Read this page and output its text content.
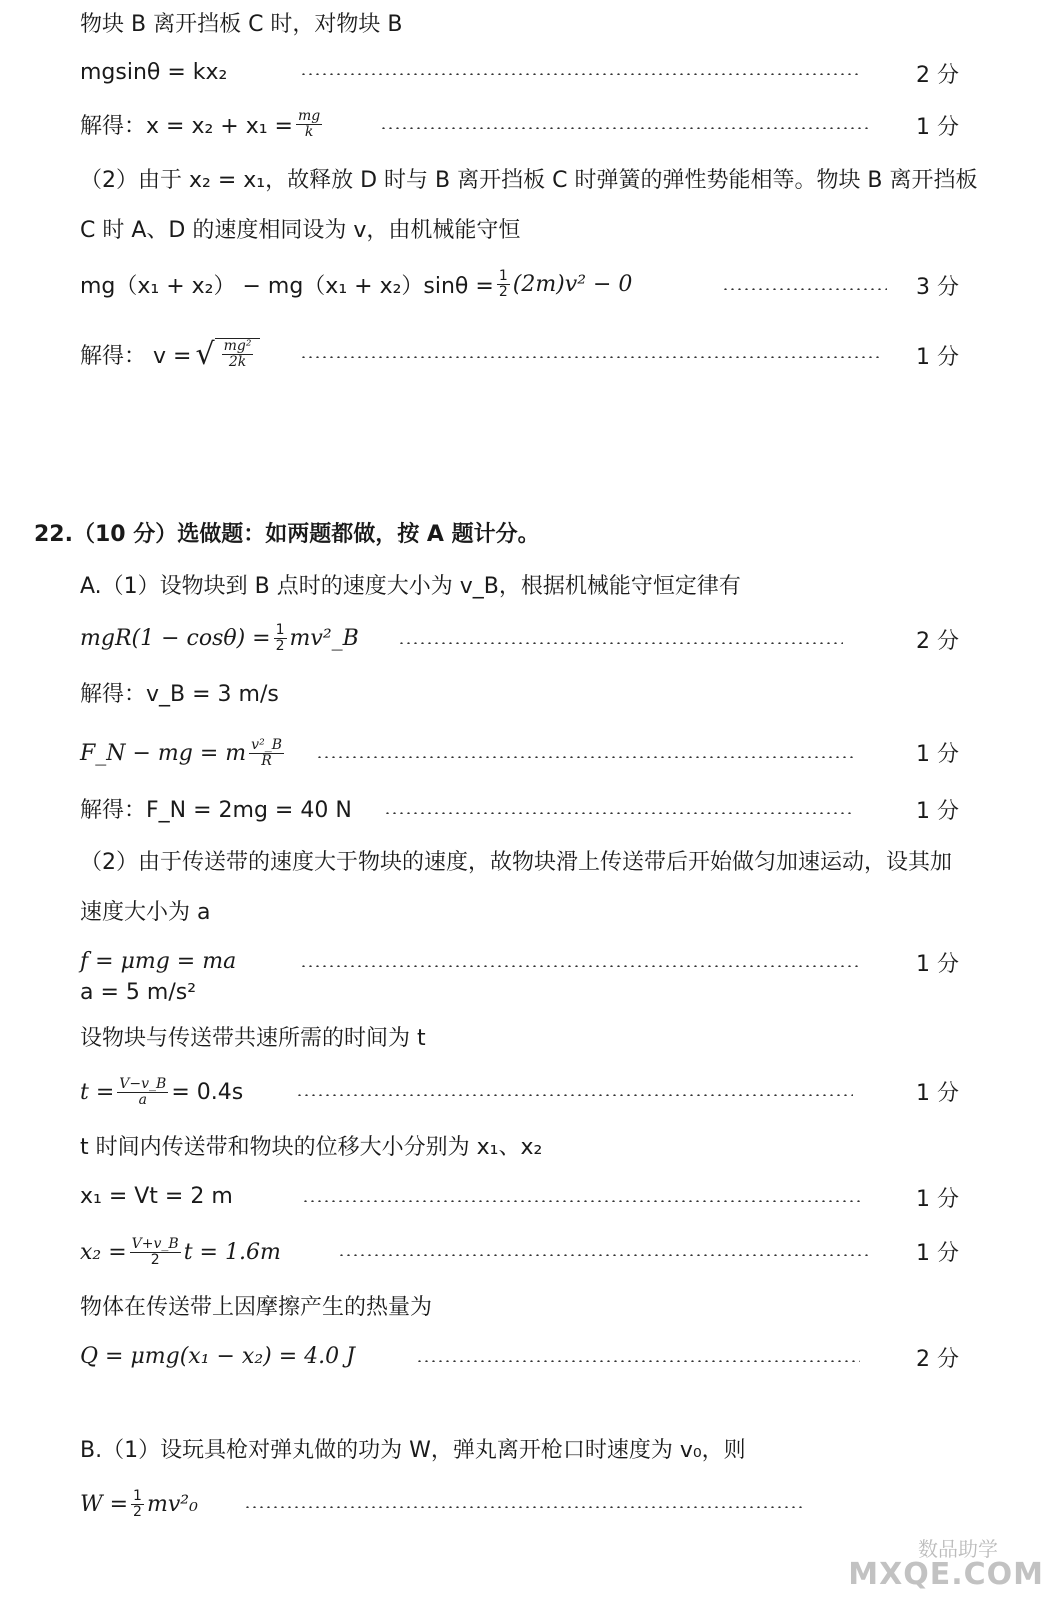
物块 B 离开挡板 C 时，对物块 B
mgsinθ = kx₂	2 分
解得：$x = x_2 + x_1 = \frac{mg}{k}$	1 分
（2）由于 x₂ = x₁，故释放 D 时与 B 离开挡板 C 时弹簧的弹性势能相等。物块 B 离开挡板
C 时 A、D 的速度相同设为 v，由机械能守恒
$mg(x_1 + x_2) - mg(x_1 + x_2)\sin\theta = \frac{1}{2} (2m)v^2 - 0$	3 分
解得： v = √ $\frac{\text{mg²}}{2k}$	1 分
22.（10 分）选做题：如两题都做，按 A 题计分。
A.（1）设物块到 B 点时的速度大小为 v_B，根据机械能守恒定律有
$mgR(1 - \cos\theta) = \frac{1}{2}$ mv²_B	2 分
解得：v_B = 3 m/s
F_N − mg = m $\frac{\text{v²\_B}}{R}$	1 分
解得：F_N = 2mg = 40 N	1 分
（2）由于传送带的速度大于物块的速度，故物块滑上传送带后开始做匀加速运动，设其加
速度大小为 a
f = μmg = ma	1 分
a = 5 m/s²
设物块与传送带共速所需的时间为 t
$t = \frac{V-v\_B}{a} = 0.4s$	1 分
t 时间内传送带和物块的位移大小分别为 x₁、x₂
x₁ = Vt = 2 m	1 分
$x_2 = \frac{V+v\_B}{2}$ t = 1.6m	1 分
物体在传送带上因摩擦产生的热量为
Q = μmg(x₁ − x₂) = 4.0 J	2 分
B.（1）设玩具枪对弹丸做的功为 W，弹丸离开枪口时速度为 v₀，则
$W = \frac{1}{2} mv^2_0$
数品助学
MXQE.COM
